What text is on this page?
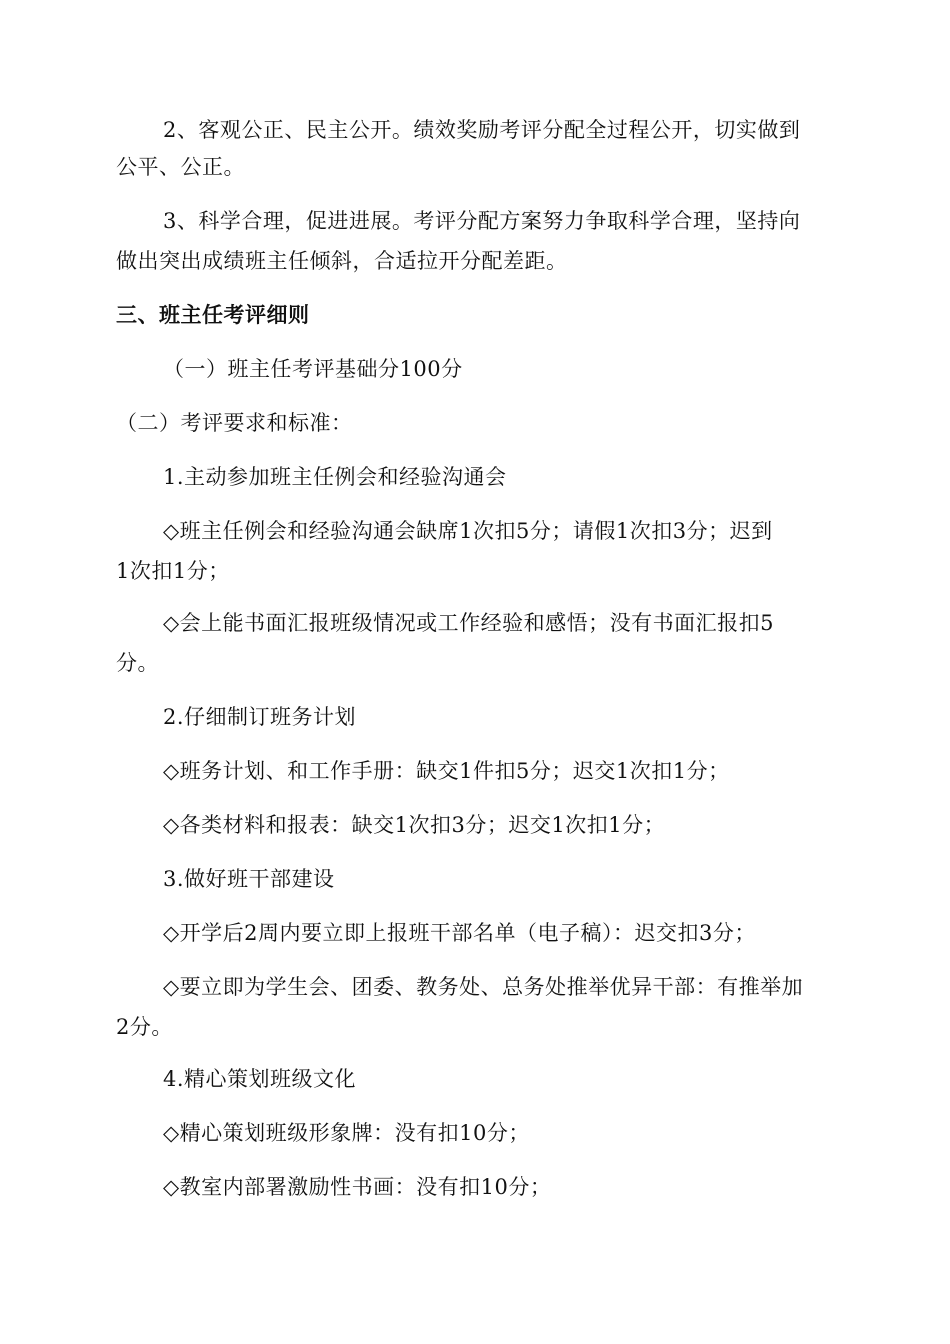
2、客观公正、民主公开。绩效奖励考评分配全过程公开，切实做到
公平、公正。
3、科学合理，促进进展。考评分配方案努力争取科学合理，坚持向
做出突出成绩班主任倾斜，合适拉开分配差距。
三、班主任考评细则
（一）班主任考评基础分100分
（二）考评要求和标准：
1.主动参加班主任例会和经验沟通会
◇班主任例会和经验沟通会缺席1次扣5分；请假1次扣3分；迟到
1次扣1分；
◇会上能书面汇报班级情况或工作经验和感悟；没有书面汇报扣5
分。
2.仔细制订班务计划
◇班务计划、和工作手册：缺交1件扣5分；迟交1次扣1分；
◇各类材料和报表：缺交1次扣3分；迟交1次扣1分；
3.做好班干部建设
◇开学后2周内要立即上报班干部名单（电子稿）：迟交扣3分；
◇要立即为学生会、团委、教务处、总务处推举优异干部：有推举加
2分。
4.精心策划班级文化
◇精心策划班级形象牌：没有扣10分；
◇教室内部署激励性书画：没有扣10分；
